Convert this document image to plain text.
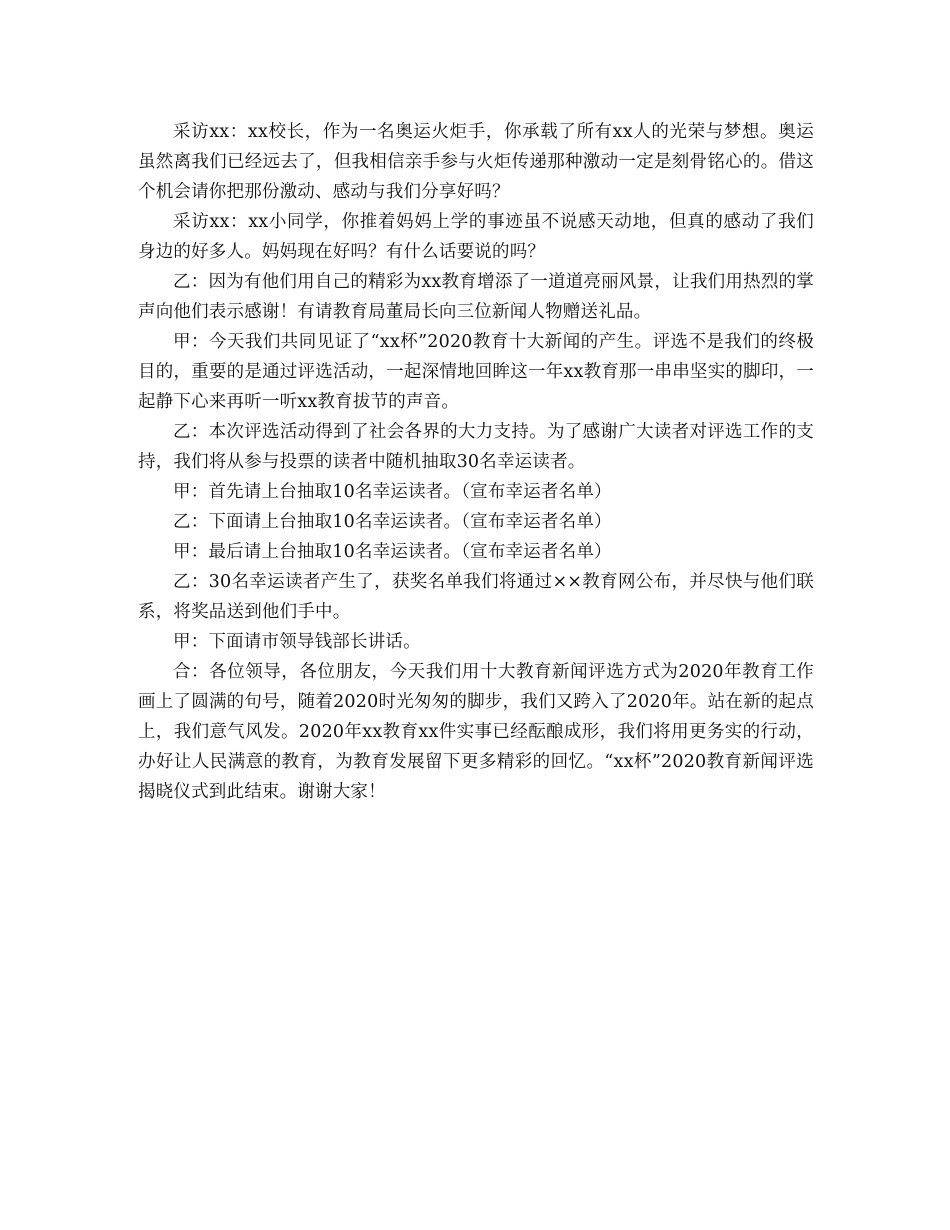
采访xx：xx校长，作为一名奥运火炬手，你承载了所有xx人的光荣与梦想。奥运虽然离我们已经远去了，但我相信亲手参与火炬传递那种激动一定是刻骨铭心的。借这个机会请你把那份激动、感动与我们分享好吗？

采访xx：xx小同学，你推着妈妈上学的事迹虽不说感天动地，但真的感动了我们身边的好多人。妈妈现在好吗？有什么话要说的吗？

乙：因为有他们用自己的精彩为xx教育增添了一道道亮丽风景，让我们用热烈的掌声向他们表示感谢！有请教育局董局长向三位新闻人物赠送礼品。

甲：今天我们共同见证了“xx杯”2020教育十大新闻的产生。评选不是我们的终极目的，重要的是通过评选活动，一起深情地回眸这一年xx教育那一串串坚实的脚印，一起静下心来再听一听xx教育拔节的声音。

乙：本次评选活动得到了社会各界的大力支持。为了感谢广大读者对评选工作的支持，我们将从参与投票的读者中随机抽取30名幸运读者。

甲：首先请上台抽取10名幸运读者。（宣布幸运者名单）

乙：下面请上台抽取10名幸运读者。（宣布幸运者名单）

甲：最后请上台抽取10名幸运读者。（宣布幸运者名单）

乙：30名幸运读者产生了，获奖名单我们将通过××教育网公布，并尽快与他们联系，将奖品送到他们手中。

甲：下面请市领导钱部长讲话。

合：各位领导，各位朋友，今天我们用十大教育新闻评选方式为2020年教育工作画上了圆满的句号，随着2020时光匆匆的脚步，我们又跨入了2020年。站在新的起点上，我们意气风发。2020年xx教育xx件实事已经酝酿成形，我们将用更务实的行动，办好让人民满意的教育，为教育发展留下更多精彩的回忆。“xx杯”2020教育新闻评选揭晓仪式到此结束。谢谢大家！
